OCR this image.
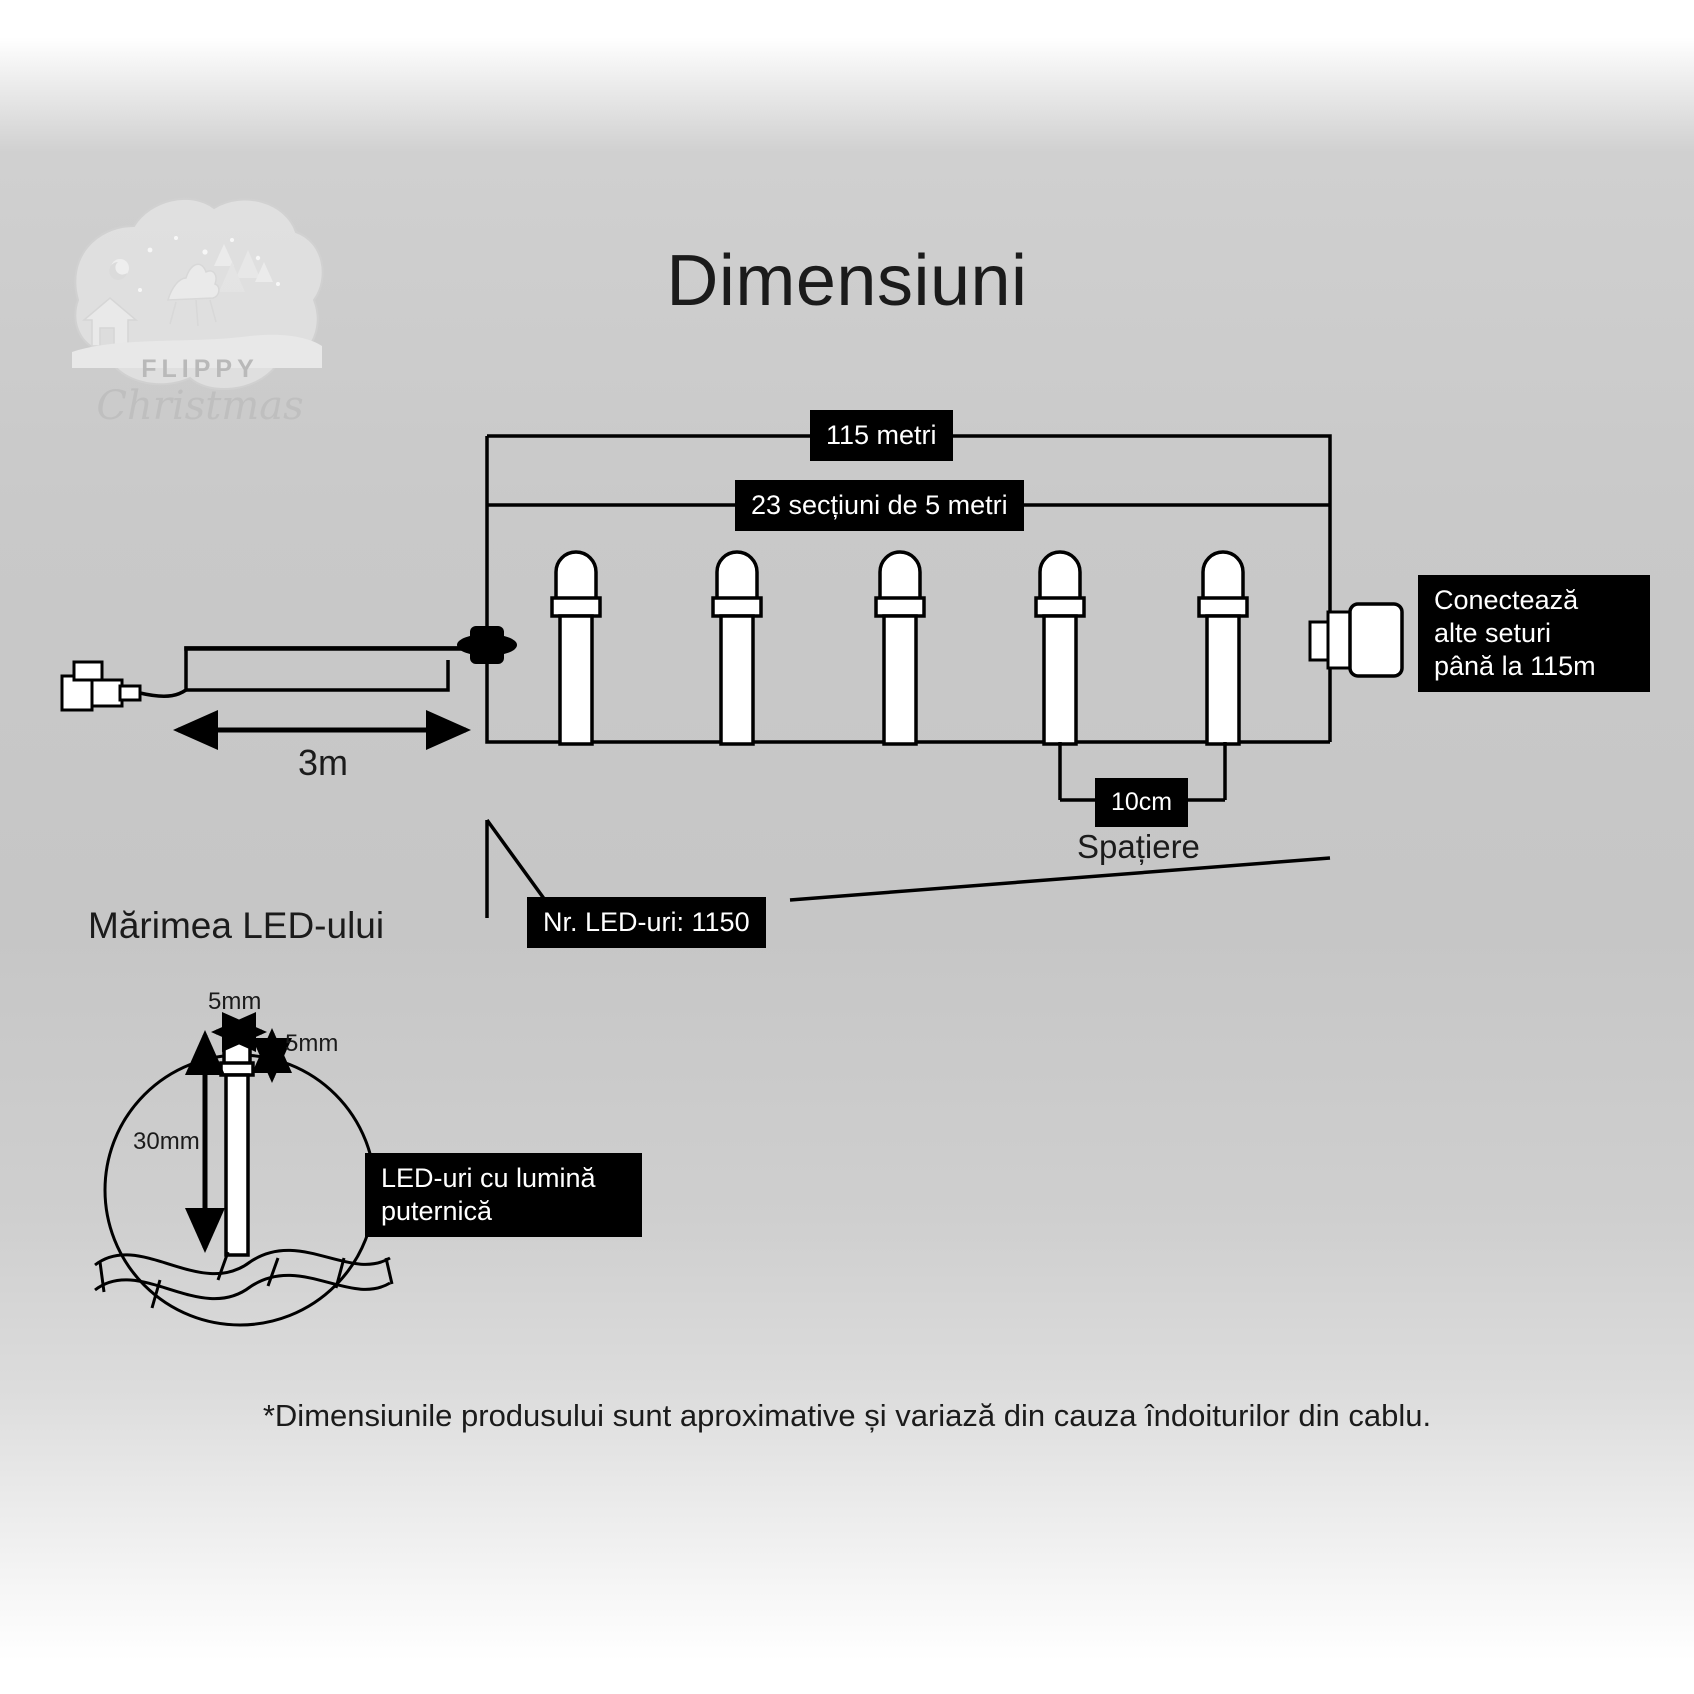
Dimensiuni
FLIPPY
Christmas
115 metri
23 secțiuni de 5 metri
3m
10cm
Spațiere
Nr. LED-uri: 1150
Conectează
alte seturi
până la 115m
Mărimea LED-ului
5mm
5mm
30mm
LED-uri cu lumină
puternică
*Dimensiunile produsului sunt aproximative și variază din cauza îndoiturilor din cablu.
